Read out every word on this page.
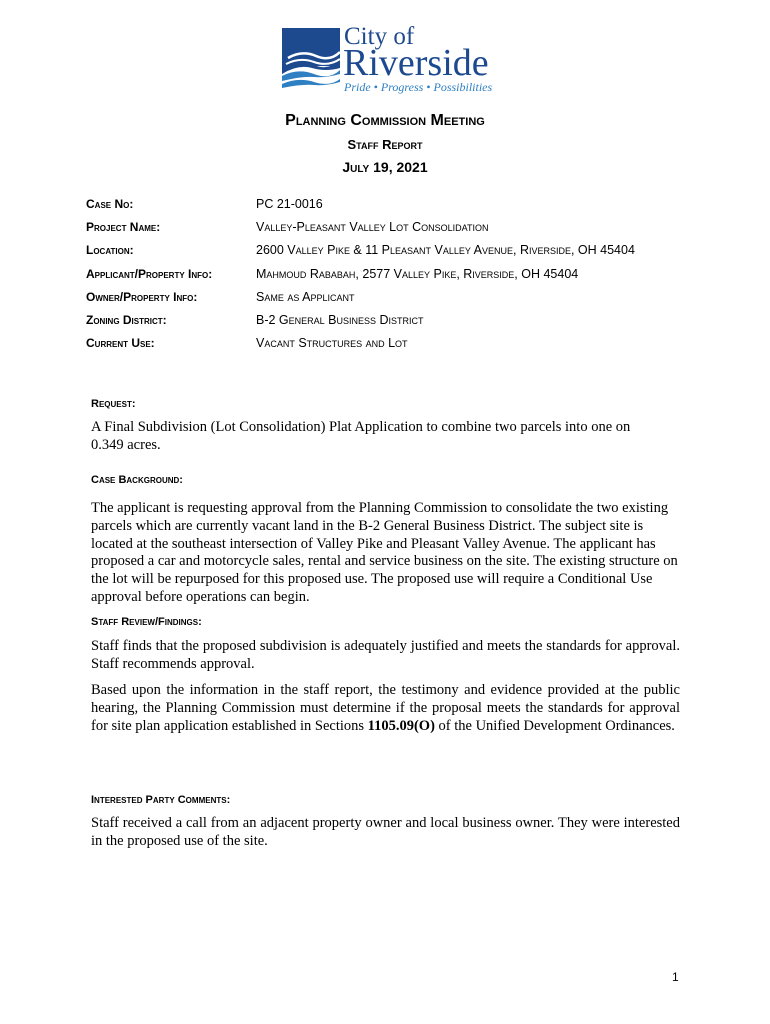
City of
Riverside
Pride • Progress • Possibilities
Planning Commission Meeting
Staff Report
July 19, 2021
Case No:	PC 21-0016
Project Name:	Valley-Pleasant Valley Lot Consolidation
Location:	2600 Valley Pike & 11 Pleasant Valley Avenue, Riverside, OH 45404
Applicant/Property Info:	Mahmoud Rababah, 2577 Valley Pike, Riverside, OH 45404
Owner/Property Info:	Same as Applicant
Zoning District:	B-2 General Business District
Current Use:	Vacant Structures and Lot
Request:

A Final Subdivision (Lot Consolidation) Plat Application to combine two parcels into one on 0.349 acres.

Case Background:

The applicant is requesting approval from the Planning Commission to consolidate the two existing parcels which are currently vacant land in the B-2 General Business District. The subject site is located at the southeast intersection of Valley Pike and Pleasant Valley Avenue. The applicant has proposed a car and motorcycle sales, rental and service business on the site. The existing structure on the lot will be repurposed for this proposed use. The proposed use will require a Conditional Use approval before operations can begin.

Staff Review/Findings:

Staff finds that the proposed subdivision is adequately justified and meets the standards for approval. Staff recommends approval.

Based upon the information in the staff report, the testimony and evidence provided at the public hearing, the Planning Commission must determine if the proposal meets the standards for approval for site plan application established in Sections 1105.09(O) of the Unified Development Ordinances.

Interested Party Comments:

Staff received a call from an adjacent property owner and local business owner. They were interested in the proposed use of the site.

1
